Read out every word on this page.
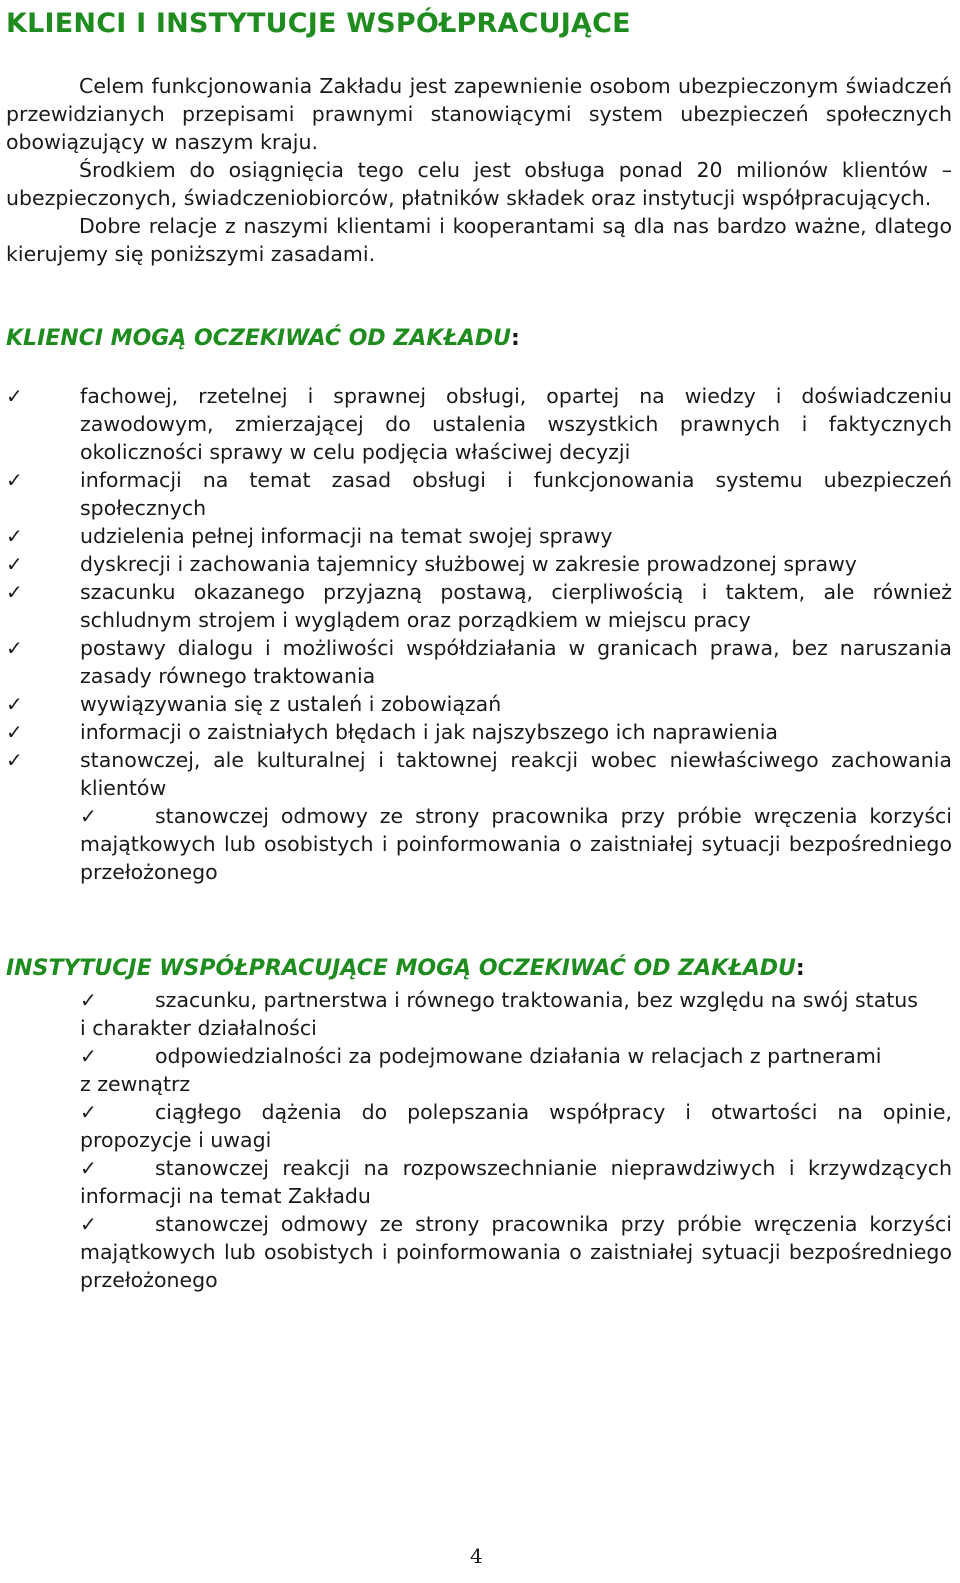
KLIENCI I INSTYTUCJE WSPÓŁPRACUJĄCE

Celem funkcjonowania Zakładu jest zapewnienie osobom ubezpieczonym świadczeń przewidzianych przepisami prawnymi stanowiącymi system ubezpieczeń społecznych obowiązujący w naszym kraju.

Środkiem do osiągnięcia tego celu jest obsługa ponad 20 milionów klientów – ubezpieczonych, świadczeniobiorców, płatników składek oraz instytucji współpracujących.

Dobre relacje z naszymi klientami i kooperantami są dla nas bardzo ważne, dlatego kierujemy się poniższymi zasadami.

KLIENCI MOGĄ OCZEKIWAĆ OD ZAKŁADU:
✓	fachowej, rzetelnej i sprawnej obsługi, opartej na wiedzy i doświadczeniu zawodowym, zmierzającej do ustalenia wszystkich prawnych i faktycznych okoliczności sprawy w celu podjęcia właściwej decyzji
✓	informacji na temat zasad obsługi i funkcjonowania systemu ubezpieczeń społecznych
✓	udzielenia pełnej informacji na temat swojej sprawy
✓	dyskrecji i zachowania tajemnicy służbowej w zakresie prowadzonej sprawy
✓	szacunku okazanego przyjazną postawą, cierpliwością i taktem, ale również schludnym strojem i wyglądem oraz porządkiem w miejscu pracy
✓	postawy dialogu i możliwości współdziałania w granicach prawa, bez naruszania zasady równego traktowania
✓	wywiązywania się z ustaleń i zobowiązań
✓	informacji o zaistniałych błędach i jak najszybszego ich naprawienia
✓	stanowczej, ale kulturalnej i taktownej reakcji wobec niewłaściwego zachowania klientów
✓	stanowczej odmowy ze strony pracownika przy próbie wręczenia korzyści majątkowych lub osobistych i poinformowania o zaistniałej sytuacji bezpośredniego przełożonego
INSTYTUCJE WSPÓŁPRACUJĄCE MOGĄ OCZEKIWAĆ OD ZAKŁADU:
✓	szacunku, partnerstwa i równego traktowania, bez względu na swój status
i charakter działalności
✓	odpowiedzialności za podejmowane działania w relacjach z partnerami
z zewnątrz
✓	ciągłego dążenia do polepszania współpracy i otwartości na opinie, propozycje i uwagi
✓	stanowczej reakcji na rozpowszechnianie nieprawdziwych i krzywdzących informacji na temat Zakładu
✓	stanowczej odmowy ze strony pracownika przy próbie wręczenia korzyści majątkowych lub osobistych i poinformowania o zaistniałej sytuacji bezpośredniego przełożonego
4
